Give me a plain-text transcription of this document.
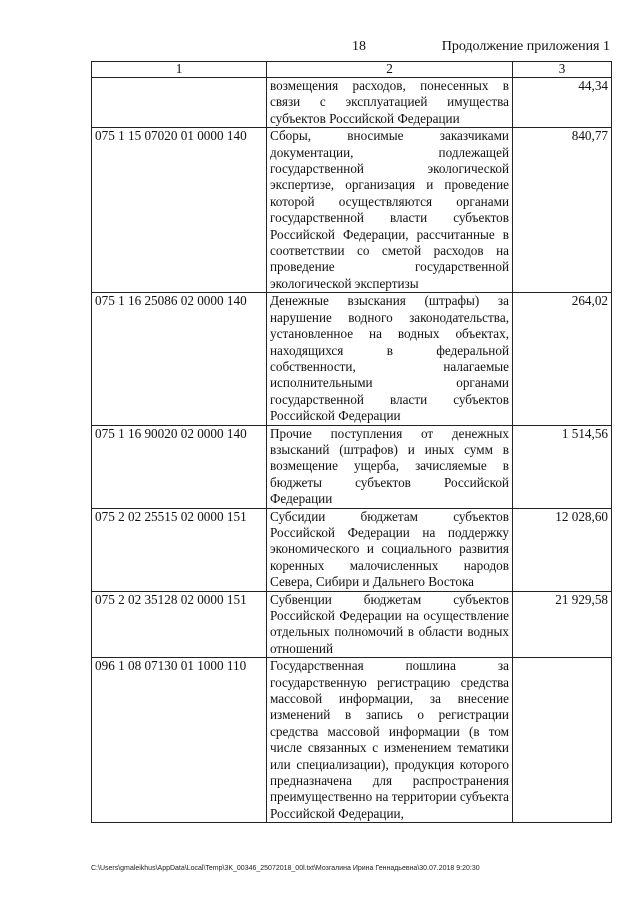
18	Продолжение приложения 1
1	2	3
	возмещения расходов, понесенных в связи с эксплуатацией имущества субъектов Российской Федерации	44,34
075 1 15 07020 01 0000 140	Сборы, вносимые заказчиками документации, подлежащей государственной экологической экспертизе, организация и проведение которой осуществляются органами государственной власти субъектов Российской Федерации, рассчитанные в соответствии со сметой расходов на проведение государственной экологической экспертизы	840,77
075 1 16 25086 02 0000 140	Денежные взыскания (штрафы) за нарушение водного законодательства, установленное на водных объектах, находящихся в федеральной собственности, налагаемые исполнительными органами государственной власти субъектов Российской Федерации	264,02
075 1 16 90020 02 0000 140	Прочие поступления от денежных взысканий (штрафов) и иных сумм в возмещение ущерба, зачисляемые в бюджеты субъектов Российской Федерации	1 514,56
075 2 02 25515 02 0000 151	Субсидии бюджетам субъектов Российской Федерации на поддержку экономического и социального развития коренных малочисленных народов Севера, Сибири и Дальнего Востока	12 028,60
075 2 02 35128 02 0000 151	Субвенции бюджетам субъектов Российской Федерации на осуществление отдельных полномочий в области водных отношений	21 929,58
096 1 08 07130 01 1000 110	Государственная пошлина за государственную регистрацию средства массовой информации, за внесение изменений в запись о регистрации средства массовой информации (в том числе связанных с изменением тематики или специализации), продукция которого предназначена для распространения преимущественно на территории субъекта Российской Федерации,	
C:\Users\gmaleikhus\AppData\Local\Temp\3K_00346_25072018_00l.txt\Мозгалина Ирина Геннадьевна\30.07.2018 9:20:30
